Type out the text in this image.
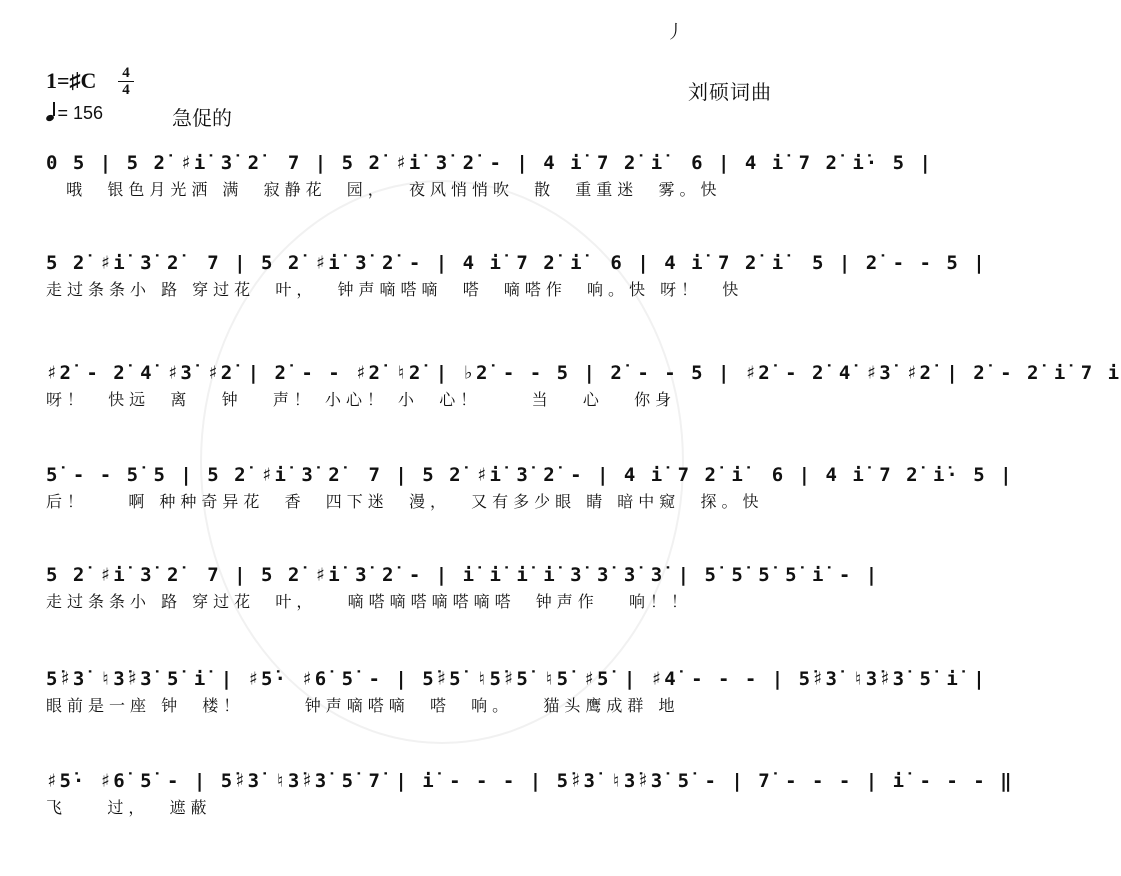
丿
1=♯C 4
4
= 156	急促的
刘硕词曲
0 5 | 5 2̇ ♯i̇ 3̇ 2̇  7 | 5 2̇ ♯i̇ 3̇ 2̇ - | 4 i̇ 7 2̇ i̇  6 | 4 i̇ 7 2̇ i̇· 5 |
哦  银色月光洒 满  寂静花  园，  夜风悄悄吹  散  重重迷  雾。快
5 2̇ ♯i̇ 3̇ 2̇  7 | 5 2̇ ♯i̇ 3̇ 2̇ - | 4 i̇ 7 2̇ i̇  6 | 4 i̇ 7 2̇ i̇  5 | 2̇ - - 5 |
走过条条小 路 穿过花  叶，  钟声嘀嗒嘀  嗒  嘀嗒作  响。快 呀！  快
♯2̇ - 2̇ 4̇ ♯3̇ ♯2̇ | 2̇ - - ♯2̇ ♮2̇ | ♭2̇ - - 5 | 2̇ - - 5 | ♯2̇ - 2̇ 4̇ ♯3̇ ♯2̇ | 2̇ - 2̇ i̇ 7 i̇
呀！  快远  离   钟   声！ 小心！ 小  心！     当   心   你身
5̇ - - 5̇ 5 | 5 2̇ ♯i̇ 3̇ 2̇  7 | 5 2̇ ♯i̇ 3̇ 2̇ - | 4 i̇ 7 2̇ i̇  6 | 4 i̇ 7 2̇ i̇· 5 |
后！    啊 种种奇异花  香  四下迷  漫，  又有多少眼 睛 暗中窥  探。快
5 2̇ ♯i̇ 3̇ 2̇  7 | 5 2̇ ♯i̇ 3̇ 2̇ - | i̇ i̇ i̇ i̇ 3̇ 3̇ 3̇ 3̇ | 5̇ 5̇ 5̇ 5̇ i̇ - |
走过条条小 路 穿过花  叶，   嘀嗒嘀嗒嘀嗒嘀嗒  钟声作   响！！
5̇♯3̇ ♮3̇♯3̇ 5̇ i̇ | ♯5̇· ♯6̇ 5̇ - | 5̇♯5̇ ♮5̇♯5̇ ♮5̇ ♯5̇ | ♯4̇ - - - | 5̇♯3̇ ♮3̇♯3̇ 5̇ i̇ |
眼前是一座 钟  楼！      钟声嘀嗒嘀  嗒  响。   猫头鹰成群 地
♯5̇· ♯6̇ 5̇ - | 5̇♯3̇ ♮3̇♯3̇ 5̇ 7̇ | i̇ - - - | 5̇♯3̇ ♮3̇♯3̇ 5̇ - | 7̇ - - - | i̇ - - - ‖
飞    过，  遮蔽
